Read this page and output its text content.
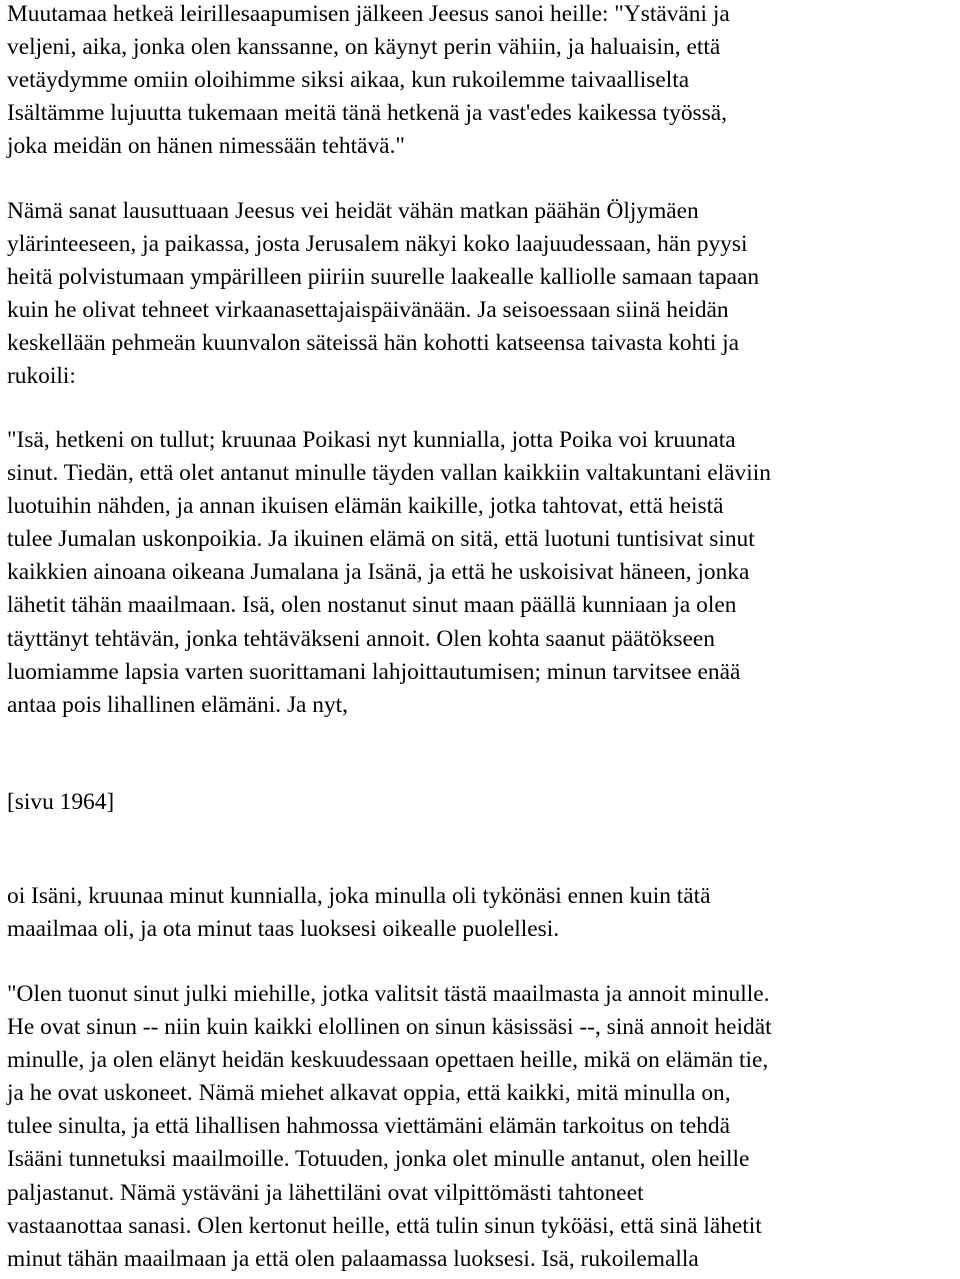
Muutamaa hetkeä leirillesaapumisen jälkeen Jeesus sanoi heille: "Ystäväni ja
veljeni, aika, jonka olen kanssanne, on käynyt perin vähiin, ja haluaisin, että
vetäydymme omiin oloihimme siksi aikaa, kun rukoilemme taivaalliselta
Isältämme lujuutta tukemaan meitä tänä hetkenä ja vast'edes kaikessa työssä,
joka meidän on hänen nimessään tehtävä."

Nämä sanat lausuttuaan Jeesus vei heidät vähän matkan päähän Öljymäen
ylärinteeseen, ja paikassa, josta Jerusalem näkyi koko laajuudessaan, hän pyysi
heitä polvistumaan ympärilleen piiriin suurelle laakealle kalliolle samaan tapaan
kuin he olivat tehneet virkaanasettajaispäivänään. Ja seisoessaan siinä heidän
keskellään pehmeän kuunvalon säteissä hän kohotti katseensa taivasta kohti ja
rukoili:

"Isä, hetkeni on tullut; kruunaa Poikasi nyt kunnialla, jotta Poika voi kruunata
sinut. Tiedän, että olet antanut minulle täyden vallan kaikkiin valtakuntani eläviin
luotuihin nähden, ja annan ikuisen elämän kaikille, jotka tahtovat, että heistä
tulee Jumalan uskonpoikia. Ja ikuinen elämä on sitä, että luotuni tuntisivat sinut
kaikkien ainoana oikeana Jumalana ja Isänä, ja että he uskoisivat häneen, jonka
lähetit tähän maailmaan. Isä, olen nostanut sinut maan päällä kunniaan ja olen
täyttänyt tehtävän, jonka tehtäväkseni annoit. Olen kohta saanut päätökseen
luomiamme lapsia varten suorittamani lahjoittautumisen; minun tarvitsee enää
antaa pois lihallinen elämäni. Ja nyt,

[sivu 1964]

oi Isäni, kruunaa minut kunnialla, joka minulla oli tykönäsi ennen kuin tätä
maailmaa oli, ja ota minut taas luoksesi oikealle puolellesi.

"Olen tuonut sinut julki miehille, jotka valitsit tästä maailmasta ja annoit minulle.
He ovat sinun -- niin kuin kaikki elollinen on sinun käsissäsi --, sinä annoit heidät
minulle, ja olen elänyt heidän keskuudessaan opettaen heille, mikä on elämän tie,
ja he ovat uskoneet. Nämä miehet alkavat oppia, että kaikki, mitä minulla on,
tulee sinulta, ja että lihallisen hahmossa viettämäni elämän tarkoitus on tehdä
Isääni tunnetuksi maailmoille. Totuuden, jonka olet minulle antanut, olen heille
paljastanut. Nämä ystäväni ja lähettiläni ovat vilpittömästi tahtoneet
vastaanottaa sanasi. Olen kertonut heille, että tulin sinun tyköäsi, että sinä lähetit
minut tähän maailmaan ja että olen palaamassa luoksesi. Isä, rukoilemalla
